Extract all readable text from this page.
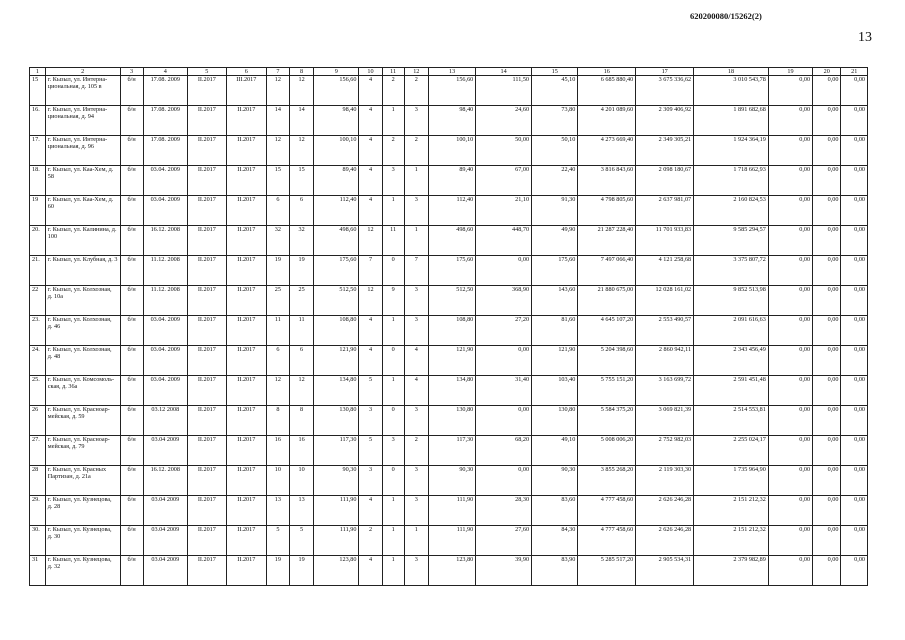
620200080/15262(2)
13
1	2	3	4	5	6	7	8	9	10	11	12	13	14	15	16	17	18	19	20	21
15	г. Кызыл, ул. Интерна-циональная, д. 105 в	б/н	17.08. 2009	II.2017	III.2017	12	12	156,60	4	2	2	156,60	111,50	45,10	6 685 880,40	3 675 336,62	3 010 543,78	0,00	0,00	0,00
16.	г. Кызыл, ул. Интерна-циональная, д. 94	б/н	17.08. 2009	II.2017	II.2017	14	14	98,40	4	1	3	98,40	24,60	73,80	4 201 089,60	2 309 406,92	1 891 682,68	0,00	0,00	0,00
17.	г. Кызыл, ул. Интерна-циональная, д. 96	б/н	17.08. 2009	II.2017	II.2017	12	12	100,10	4	2	2	100,10	50,00	50,10	4 273 669,40	2 349 305,21	1 924 364,19	0,00	0,00	0,00
18.	г. Кызыл, ул. Каа-Хем, д. 58	б/н	03.04. 2009	II.2017	II.2017	15	15	89,40	4	3	1	89,40	67,00	22,40	3 816 843,60	2 098 180,67	1 718 662,93	0,00	0,00	0,00
19	г. Кызыл, ул. Каа-Хем, д. 60	б/н	03.04. 2009	II.2017	II.2017	6	6	112,40	4	1	3	112,40	21,10	91,30	4 798 805,60	2 637 981,07	2 160 824,53	0,00	0,00	0,00
20.	г. Кызыл, ул. Калинина, д. 100	б/н	16.12. 2008	II.2017	II.2017	32	32	498,60	12	11	1	498,60	448,70	49,90	21 287 228,40	11 701 933,83	9 585 294,57	0,00	0,00	0,00
21.	г. Кызыл, ул. Клубная, д. 3	б/н	11.12. 2008	II.2017	II.2017	19	19	175,60	7	0	7	175,60	0,00	175,60	7 497 066,40	4 121 258,68	3 375 807,72	0,00	0,00	0,00
22	г. Кызыл, ул. Колхозная, д. 10а	б/н	11.12. 2008	II.2017	II.2017	25	25	512,50	12	9	3	512,50	368,90	143,60	21 880 675,00	12 028 161,02	9 852 513,98	0,00	0,00	0,00
23.	г. Кызыл, ул. Колхозная, д. 46	б/н	03.04. 2009	II.2017	II.2017	11	11	108,80	4	1	3	108,80	27,20	81,60	4 645 107,20	2 553 490,57	2 091 616,63	0,00	0,00	0,00
24.	г. Кызыл, ул. Колхозная, д. 48	б/н	03.04. 2009	II.2017	II.2017	6	6	121,90	4	0	4	121,90	0,00	121,90	5 204 398,60	2 860 942,11	2 343 456,49	0,00	0,00	0,00
25.	г. Кызыл, ул. Комсомоль-ская, д. 36а	б/н	03.04. 2009	II.2017	II.2017	12	12	134,80	5	1	4	134,80	31,40	103,40	5 755 151,20	3 163 699,72	2 591 451,48	0,00	0,00	0,00
26	г. Кызыл, ул. Красноар-мейская, д. 59	б/н	03.12 2008	II.2017	II.2017	8	8	130,80	3	0	3	130,80	0,00	130,80	5 584 375,20	3 069 821,39	2 514 553,81	0,00	0,00	0,00
27.	г. Кызыл, ул. Красноар-мейская, д. 79	б/н	03.04 2009	II.2017	II.2017	16	16	117,30	5	3	2	117,30	68,20	49,10	5 008 006,20	2 752 982,03	2 255 024,17	0,00	0,00	0,00
28	г. Кызыл, ул. Красных Партизан, д. 21а	б/н	16.12. 2008	II.2017	II.2017	10	10	90,30	3	0	3	90,30	0,00	90,30	3 855 268,20	2 119 303,30	1 735 964,90	0,00	0,00	0,00
29.	г. Кызыл, ул. Кузнецова, д. 28	б/н	03.04 2009	II.2017	II.2017	13	13	111,90	4	1	3	111,90	28,30	83,60	4 777 458,60	2 626 246,28	2 151 212,32	0,00	0,00	0,00
30.	г. Кызыл, ул. Кузнецова, д. 30	б/н	03.04 2009	II.2017	II.2017	5	5	111,90	2	1	1	111,90	27,60	84,30	4 777 458,60	2 626 246,28	2 151 212,32	0,00	0,00	0,00
31	г. Кызыл, ул. Кузнецова, д. 32	б/н	03.04 2009	II.2017	II.2017	19	19	123,80	4	1	3	123,80	39,90	83,90	5 285 517,20	2 905 534,31	2 379 982,89	0,00	0,00	0,00
